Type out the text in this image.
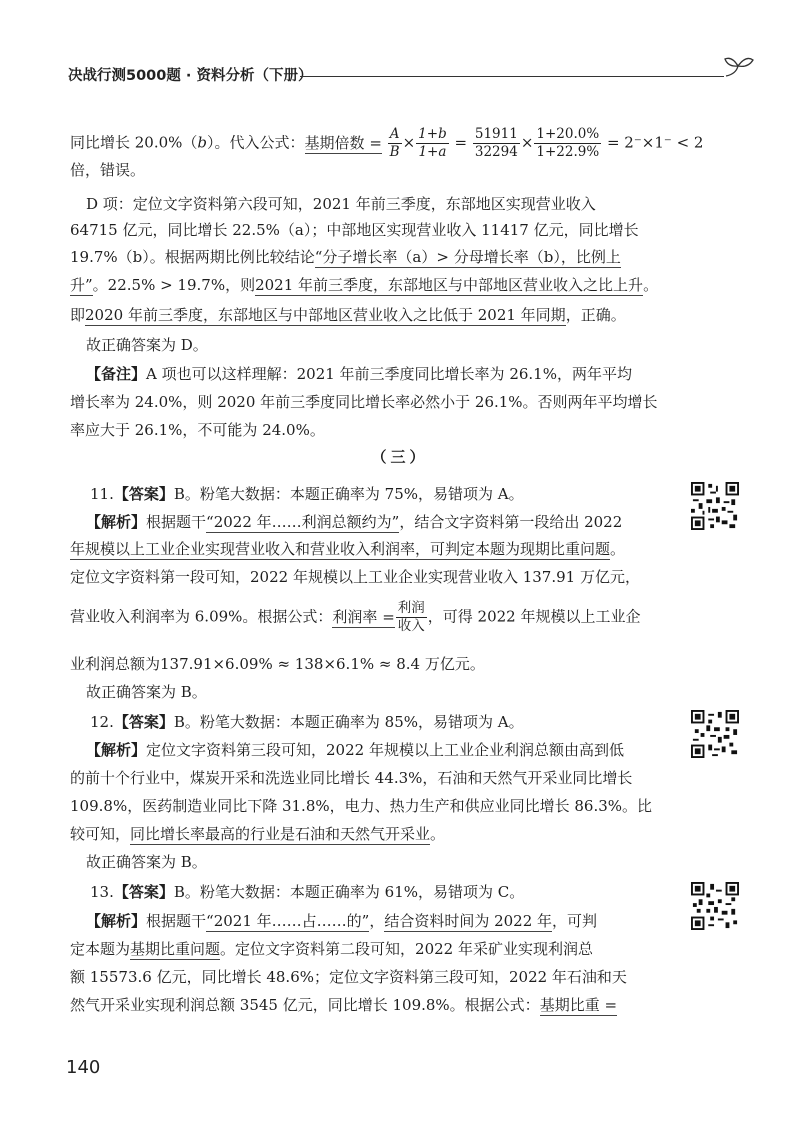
决战行测5000题 · 资料分析（下册）
同比增长 20.0%（b）。代入公式：基期倍数 = $\frac{A}{B} \times \frac{1+b}{1+a} = \frac{51911}{32294} \times \frac{1+20.0\%}{1+22.9\%} = 2^-\times 1^- < 2$
倍，错误。
D 项：定位文字资料第六段可知，2021 年前三季度，东部地区实现营业收入
64715 亿元，同比增长 22.5%（a）；中部地区实现营业收入 11417 亿元，同比增长
19.7%（b）。根据两期比例比较结论“分子增长率（a）> 分母增长率（b），比例上
升”。22.5% > 19.7%，则2021 年前三季度，东部地区与中部地区营业收入之比上升。
即2020 年前三季度，东部地区与中部地区营业收入之比低于 2021 年同期，正确。
故正确答案为 D。
【备注】A 项也可以这样理解：2021 年前三季度同比增长率为 26.1%，两年平均
增长率为 24.0%，则 2020 年前三季度同比增长率必然小于 26.1%。否则两年平均增长
率应大于 26.1%，不可能为 24.0%。
（三）
11.【答案】B。粉笔大数据：本题正确率为 75%，易错项为 A。
【解析】根据题干“2022 年……利润总额约为”，结合文字资料第一段给出 2022
年规模以上工业企业实现营业收入和营业收入利润率，可判定本题为现期比重问题。
定位文字资料第一段可知，2022 年规模以上工业企业实现营业收入 137.91 万亿元，
营业收入利润率为 6.09%。根据公式：利润率 = $\frac{\text{利润}}{\text{收入}}$ ，可得 2022 年规模以上工业企
业利润总额为137.91×6.09% ≈ 138×6.1% ≈ 8.4 万亿元。
故正确答案为 B。
12.【答案】B。粉笔大数据：本题正确率为 85%，易错项为 A。
【解析】定位文字资料第三段可知，2022 年规模以上工业企业利润总额由高到低
的前十个行业中，煤炭开采和洗选业同比增长 44.3%，石油和天然气开采业同比增长
109.8%，医药制造业同比下降 31.8%，电力、热力生产和供应业同比增长 86.3%。比
较可知，同比增长率最高的行业是石油和天然气开采业。
故正确答案为 B。
13.【答案】B。粉笔大数据：本题正确率为 61%，易错项为 C。
【解析】根据题干“2021 年……占……的”，结合资料时间为 2022 年，可判
定本题为基期比重问题。定位文字资料第二段可知，2022 年采矿业实现利润总
额 15573.6 亿元，同比增长 48.6%；定位文字资料第三段可知，2022 年石油和天
然气开采业实现利润总额 3545 亿元，同比增长 109.8%。根据公式：基期比重 =
140
